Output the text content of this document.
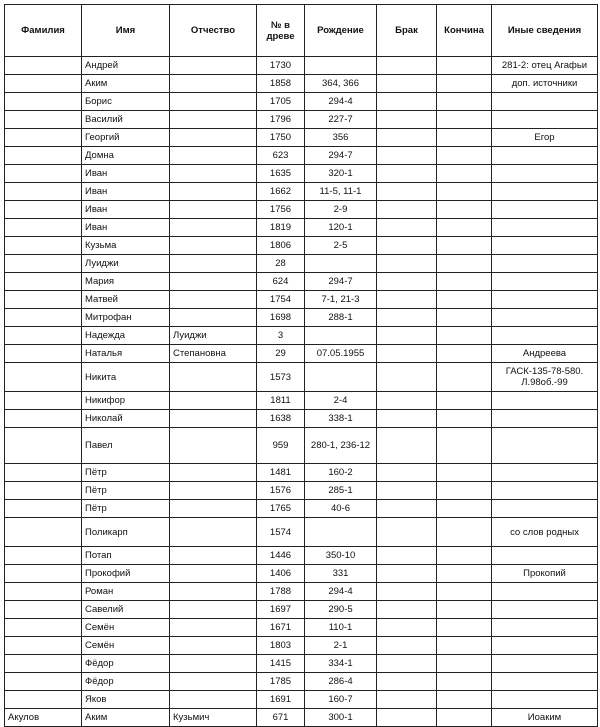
Фамилия	Имя	Отчество	№ в древе	Рождение	Брак	Кончина	Иные сведения
	Андрей		1730				281-2: отец Агафьи
	Аким		1858	364, 366			доп. источники
	Борис		1705	294-4			
	Василий		1796	227-7			
	Георгий		1750	356			Егор
	Домна		623	294-7			
	Иван		1635	320-1			
	Иван		1662	11-5, 11-1			
	Иван		1756	2-9			
	Иван		1819	120-1			
	Кузьма		1806	2-5			
	Луиджи		28				
	Мария		624	294-7			
	Матвей		1754	7-1, 21-3			
	Митрофан		1698	288-1			
	Надежда	Луиджи	3				
	Наталья	Степановна	29	07.05.1955			Андреева
	Никита		1573				ГАСК-135-78-580. Л.98об.-99
	Никифор		1811	2-4			
	Николай		1638	338-1			
	Павел		959	280-1, 236-12			
	Пётр		1481	160-2			
	Пётр		1576	285-1			
	Пётр		1765	40-6			
	Поликарп		1574				со слов родных
	Потап		1446	350-10			
	Прокофий		1406	331			Прокопий
	Роман		1788	294-4			
	Савелий		1697	290-5			
	Семён		1671	110-1			
	Семён		1803	2-1			
	Фёдор		1415	334-1			
	Фёдор		1785	286-4			
	Яков		1691	160-7			
Акулов	Аким	Кузьмич	671	300-1			Иоаким
